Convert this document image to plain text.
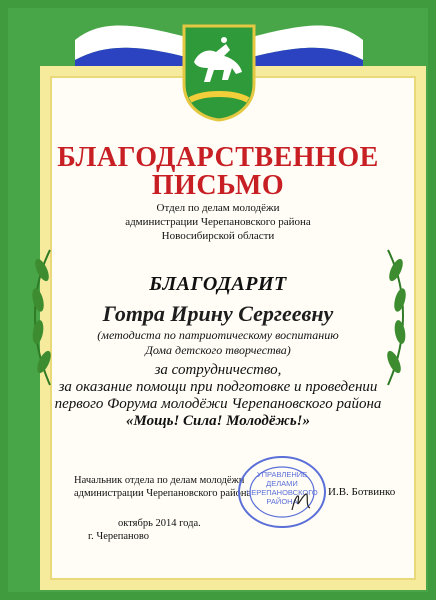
БЛАГОДАРСТВЕННОЕ
ПИСЬМО
Отдел по делам молодёжи
администрации Черепановского района
Новосибирской области
БЛАГОДАРИТ
Готра Ирину Сергеевну
(методиста по патриотическому воспитанию
Дома детского творчества)
за сотрудничество,
за оказание помощи при подготовке и проведении
первого Форума молодёжи Черепановского района
«Мощь! Сила! Молодёжь!»
Начальник отдела по делам молодёжи
администрации Черепановского района
УПРАВЛЕНИЕ
ДЕЛАМИ
ЧЕРЕПАНОВСКОГО
РАЙОНА
И.В. Ботвинко
октябрь 2014 года.
г. Черепаново
